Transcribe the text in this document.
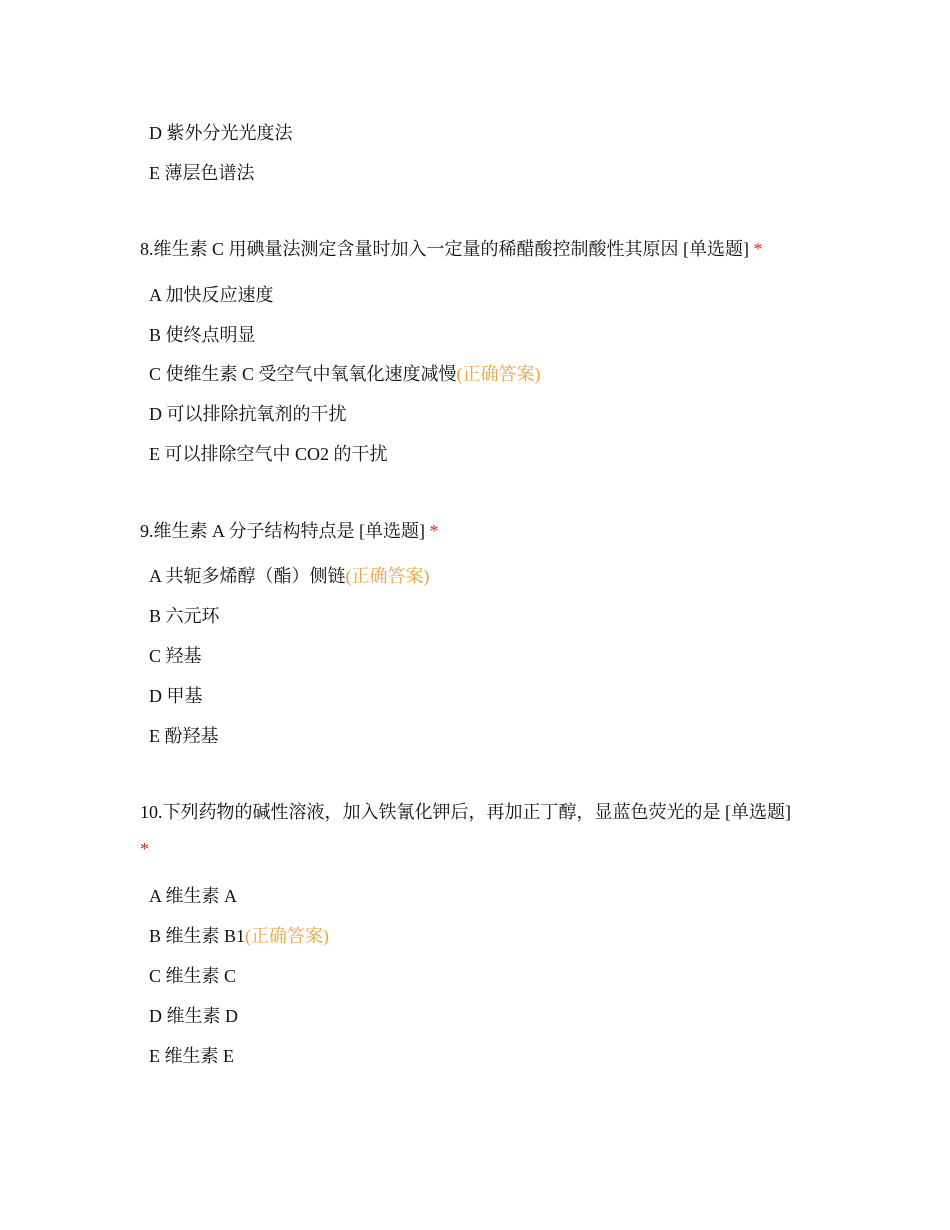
D 紫外分光光度法
E 薄层色谱法
8.维生素 C 用碘量法测定含量时加入一定量的稀醋酸控制酸性其原因 [单选题] *
A 加快反应速度
B 使终点明显
C 使维生素 C 受空气中氧氧化速度减慢(正确答案)
D 可以排除抗氧剂的干扰
E 可以排除空气中 CO2 的干扰
9.维生素 A 分子结构特点是 [单选题] *
A 共轭多烯醇（酯）侧链(正确答案)
B 六元环
C 羟基
D 甲基
E 酚羟基
10.下列药物的碱性溶液，加入铁氰化钾后，再加正丁醇，显蓝色荧光的是 [单选题] *
A 维生素 A
B 维生素 B1(正确答案)
C 维生素 C
D 维生素 D
E 维生素 E
